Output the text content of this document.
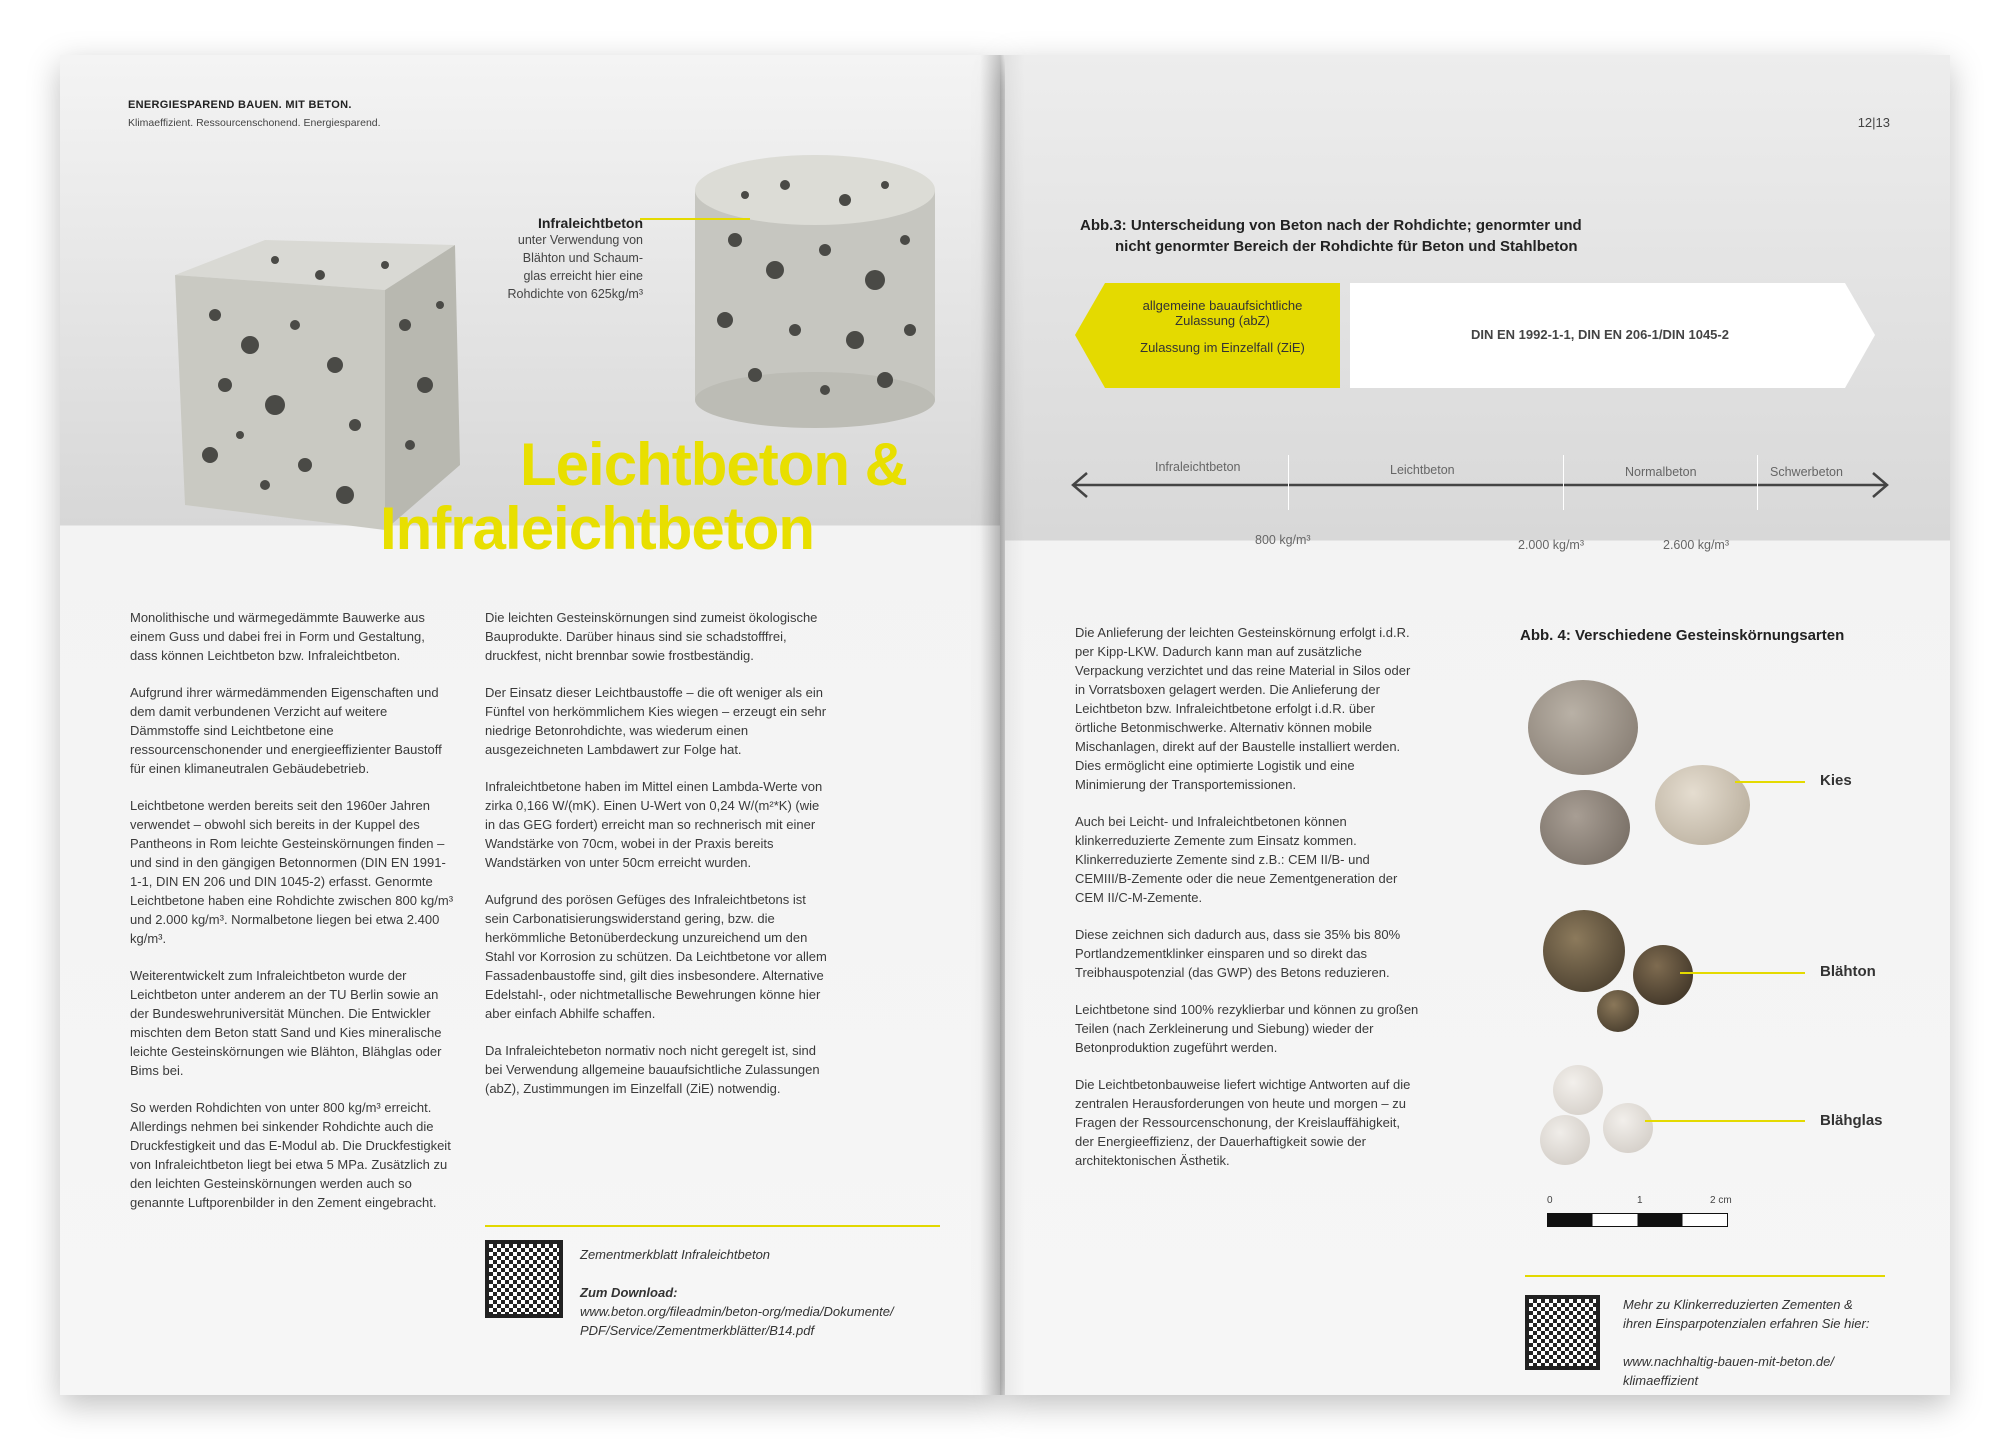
ENERGIESPAREND BAUEN. MIT BETON.
Klimaeffizient. Ressourcenschonend. Energiesparend.
Infraleichtbeton
unter Verwendung von
Blähton und Schaum-
glas erreicht hier eine
Rohdichte von 625kg/m³
Leichtbeton &
Infraleichtbeton

Monolithische und wärmegedämmte Bauwerke aus einem Guss und dabei frei in Form und Gestaltung, dass können Leichtbeton bzw. Infraleichtbeton.

Aufgrund ihrer wärmedämmenden Eigenschaften und dem damit verbundenen Verzicht auf weitere Dämmstoffe sind Leichtbetone eine ressourcenschonender und energieeffizienter Baustoff für einen klimaneutralen Gebäudebetrieb.

Leichtbetone werden bereits seit den 1960er Jahren verwendet – obwohl sich bereits in der Kuppel des Pantheons in Rom leichte Gesteinskörnungen finden – und sind in den gängigen Betonnormen (DIN EN 1991-1-1, DIN EN 206 und DIN 1045-2) erfasst. Genormte Leichtbetone haben eine Rohdichte zwischen 800 kg/m³ und 2.000 kg/m³. Normalbetone liegen bei etwa 2.400 kg/m³.

Weiterentwickelt zum Infraleichtbeton wurde der Leichtbeton unter anderem an der TU Berlin sowie an der Bundeswehruniversität München. Die Entwickler mischten dem Beton statt Sand und Kies mineralische leichte Gesteinskörnungen wie Blähton, Blähglas oder Bims bei.

So werden Rohdichten von unter 800 kg/m³ erreicht. Allerdings nehmen bei sinkender Rohdichte auch die Druckfestigkeit und das E-Modul ab. Die Druckfestigkeit von Infraleichtbeton liegt bei etwa 5 MPa. Zusätzlich zu den leichten Gesteinskörnungen werden auch so genannte Luftporenbilder in den Zement eingebracht.

Die leichten Gesteinskörnungen sind zumeist ökologische Bauprodukte. Darüber hinaus sind sie schadstofffrei, druckfest, nicht brennbar sowie frostbeständig.

Der Einsatz dieser Leichtbaustoffe – die oft weniger als ein Fünftel von herkömmlichem Kies wiegen – erzeugt ein sehr niedrige Betonrohdichte, was wiederum einen ausgezeichneten Lambdawert zur Folge hat.

Infraleichtbetone haben im Mittel einen Lambda-Werte von zirka 0,166 W/(mK). Einen U-Wert von 0,24 W/(m²*K) (wie in das GEG fordert) erreicht man so rechnerisch mit einer Wandstärke von 70cm, wobei in der Praxis bereits Wandstärken von unter 50cm erreicht wurden.

Aufgrund des porösen Gefüges des Infraleichtbetons ist sein Carbonatisierungswiderstand gering, bzw. die herkömmliche Betonüberdeckung unzureichend um den Stahl vor Korrosion zu schützen. Da Leichtbetone vor allem Fassadenbaustoffe sind, gilt dies insbesondere. Alternative Edelstahl-, oder nichtmetallische Bewehrungen könne hier aber einfach Abhilfe schaffen.

Da Infraleichtebeton normativ noch nicht geregelt ist, sind bei Verwendung allgemeine bauaufsichtliche Zulassungen (abZ), Zustimmungen im Einzelfall (ZiE) notwendig.

Zementmerkblatt Infraleichtbeton
Zum Download:
www.beton.org/fileadmin/beton-org/media/Dokumente/
PDF/Service/Zementmerkblätter/B14.pdf
12|13
Abb.3: Unterscheidung von Beton nach der Rohdichte; genormter und
nicht genormter Bereich der Rohdichte für Beton und Stahlbeton
allgemeine bauaufsichtliche
Zulassung (abZ)
Zulassung im Einzelfall (ZiE)
DIN EN 1992-1-1, DIN EN 206-1/DIN 1045-2
Infraleichtbeton	Leichtbeton	Normalbeton	Schwerbeton
800 kg/m³	2.000 kg/m³	2.600 kg/m³

Die Anlieferung der leichten Gesteinskörnung erfolgt i.d.R. per Kipp-LKW. Dadurch kann man auf zusätzliche Verpackung verzichtet und das reine Material in Silos oder in Vorratsboxen gelagert werden. Die Anlieferung der Leichtbeton bzw. Infraleichtbetone erfolgt i.d.R. über örtliche Betonmischwerke. Alternativ können mobile Mischanlagen, direkt auf der Baustelle installiert werden. Dies ermöglicht eine optimierte Logistik und eine Minimierung der Transportemissionen.

Auch bei Leicht- und Infraleichtbetonen können klinkerreduzierte Zemente zum Einsatz kommen. Klinkerreduzierte Zemente sind z.B.: CEM II/B- und CEMIII/B-Zemente oder die neue Zementgeneration der CEM II/C-M-Zemente.

Diese zeichnen sich dadurch aus, dass sie 35% bis 80% Portlandzementklinker einsparen und so direkt das Treibhauspotenzial (das GWP) des Betons reduzieren.

Leichtbetone sind 100% rezyklierbar und können zu großen Teilen (nach Zerkleinerung und Siebung) wieder der Betonproduktion zugeführt werden.

Die Leichtbetonbauweise liefert wichtige Antworten auf die zentralen Herausforderungen von heute und morgen – zu Fragen der Ressourcenschonung, der Kreislauffähigkeit, der Energieeffizienz, der Dauerhaftigkeit sowie der architektonischen Ästhetik.

Abb. 4: Verschiedene Gesteinskörnungsarten
Kies
Blähton
Blähglas
0	1	2 cm
Mehr zu Klinkerreduzierten Zementen &
ihren Einsparpotenzialen erfahren Sie hier:
www.nachhaltig-bauen-mit-beton.de/
klimaeffizient
